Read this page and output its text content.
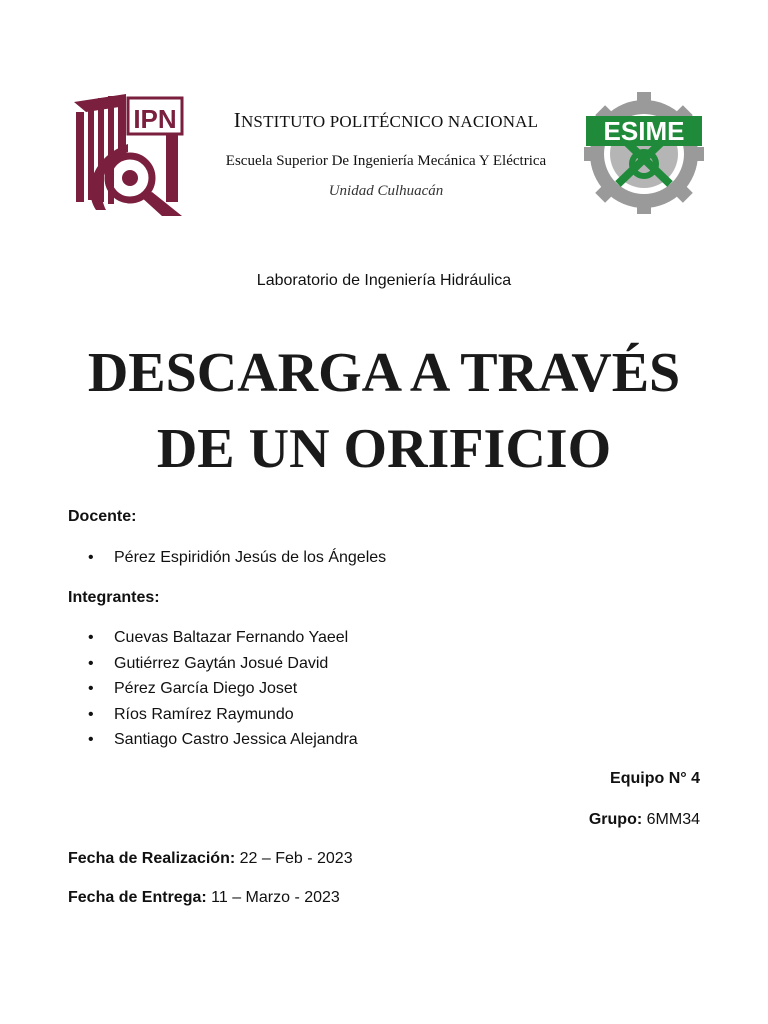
IPN	ESIME
INSTITUTO POLITÉCNICO NACIONAL
Escuela Superior De Ingeniería Mecánica Y Eléctrica
Unidad Culhuacán
Laboratorio de Ingeniería Hidráulica
DESCARGA A TRAVÉS
DE UN ORIFICIO
Docente:
• Pérez Espiridión Jesús de los Ángeles
Integrantes:
• Cuevas Baltazar Fernando Yaeel
• Gutiérrez Gaytán Josué David
• Pérez García Diego Joset
• Ríos Ramírez Raymundo
• Santiago Castro Jessica Alejandra
Equipo N° 4
Grupo: 6MM34
Fecha de Realización: 22 – Feb - 2023
Fecha de Entrega: 11 – Marzo - 2023
